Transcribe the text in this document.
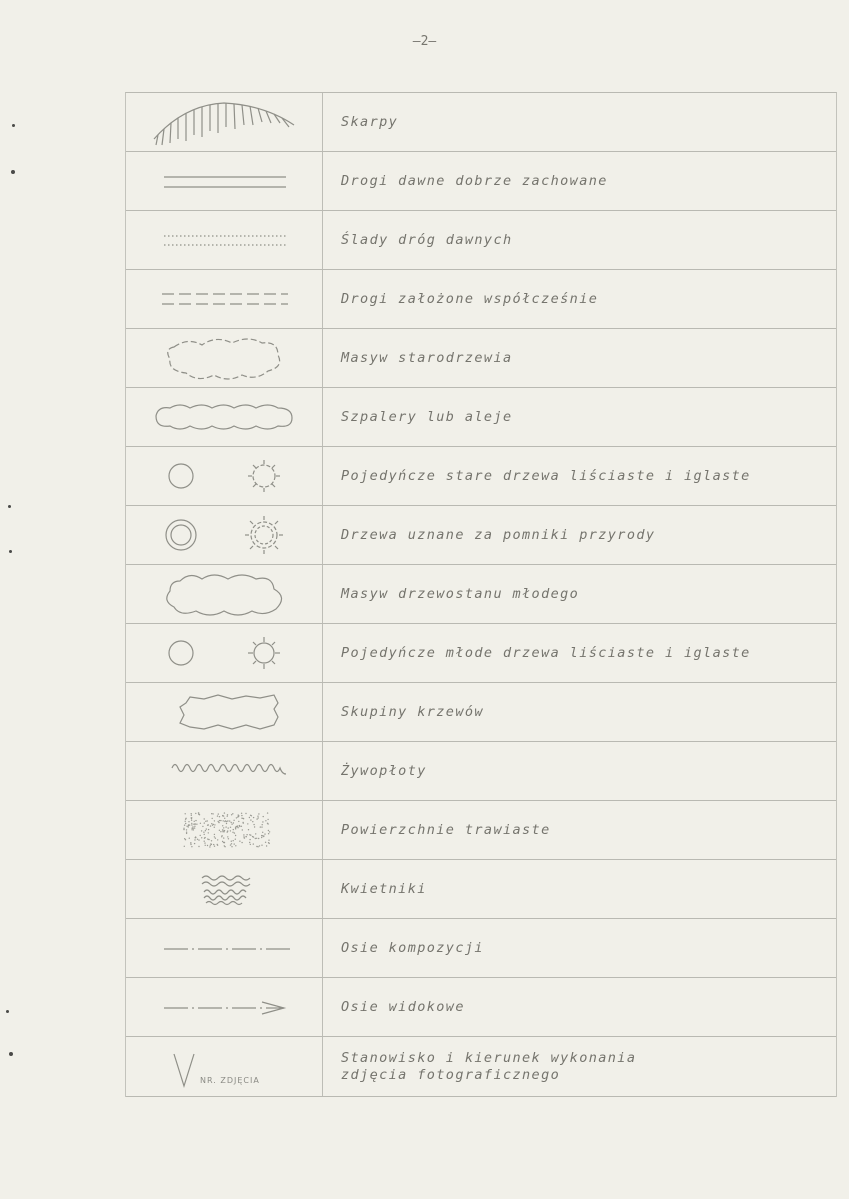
—2—
Skarpy
Drogi dawne dobrze zachowane
Ślady dróg dawnych
Drogi założone współcześnie
Masyw starodrzewia
Szpalery lub aleje
Pojedyńcze stare drzewa liściaste i iglaste
Drzewa uznane za pomniki przyrody
Masyw drzewostanu młodego
Pojedyńcze młode drzewa liściaste i iglaste
Skupiny krzewów
Żywopłoty
Powierzchnie trawiaste
Kwietniki
Osie kompozycji
Osie widokowe
NR. ZDJĘCIA
Stanowisko i kierunek wykonania
zdjęcia fotograficznego
